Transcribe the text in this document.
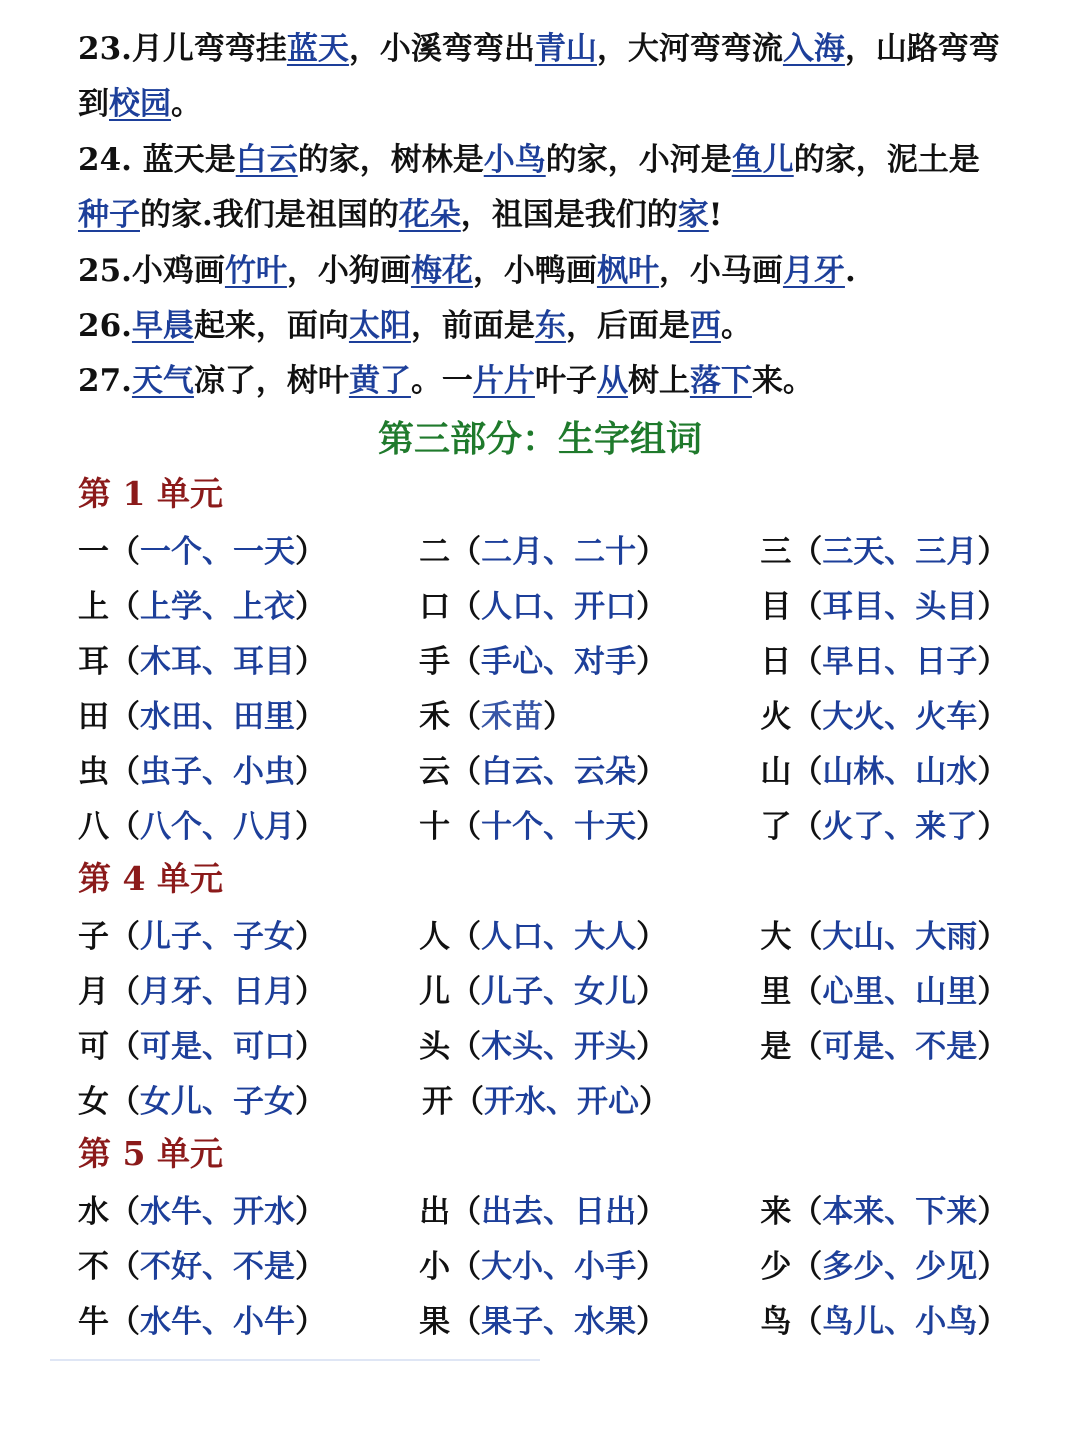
23.月儿弯弯挂蓝天，小溪弯弯出青山，大河弯弯流入海，山路弯弯到校园。

24. 蓝天是白云的家，树林是小鸟的家，小河是鱼儿的家，泥土是种子的家.我们是祖国的花朵，祖国是我们的家!

25.小鸡画竹叶，小狗画梅花，小鸭画枫叶，小马画月牙.

26.早晨起来，面向太阳，前面是东，后面是西。

27.天气凉了，树叶黄了。一片片叶子从树上落下来。

第三部分：生字组词
第 1 单元
一（一个、一天）	二（二月、二十）	三（三天、三月）
上（上学、上衣）	口（人口、开口）	目（耳目、头目）
耳（木耳、耳目）	手（手心、对手）	日（早日、日子）
田（水田、田里）	禾（禾苗）	火（大火、火车）
虫（虫子、小虫）	云（白云、云朵）	山（山林、山水）
八（八个、八月）	十（十个、十天）	了（火了、来了）
第 4 单元
子（儿子、子女）	人（人口、大人）	大（大山、大雨）
月（月牙、日月）	儿（儿子、女儿）	里（心里、山里）
可（可是、可口）	头（木头、开头）	是（可是、不是）
女（女儿、子女）	开（开水、开心）
第 5 单元
水（水牛、开水）	出（出去、日出）	来（本来、下来）
不（不好、不是）	小（大小、小手）	少（多少、少见）
牛（水牛、小牛）	果（果子、水果）	鸟（鸟儿、小鸟）
